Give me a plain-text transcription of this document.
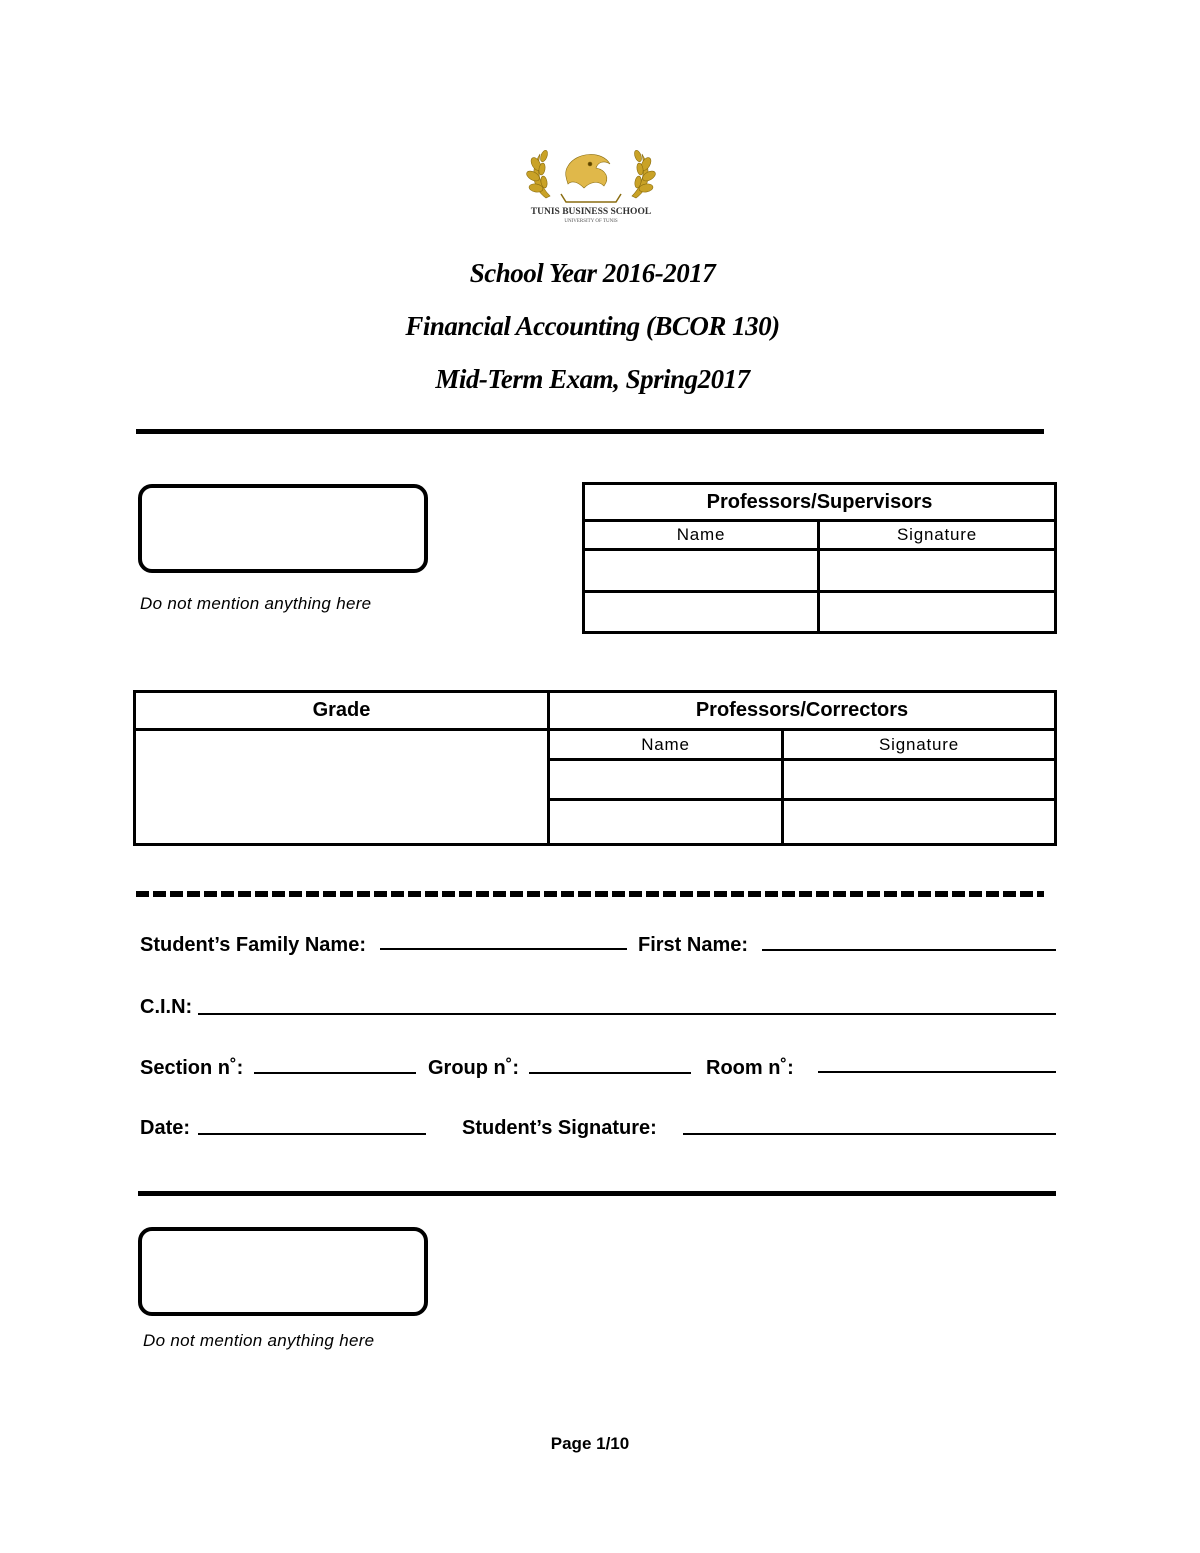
TUNIS BUSINESS SCHOOL
UNIVERSITY OF TUNIS
School Year 2016-2017
Financial Accounting (BCOR 130)
Mid-Term Exam, Spring2017
Do not mention anything here
Professors/Supervisors	
Name	Signature

Grade	Professors/Correctors	
	Name	Signature

Student’s Family Name:	First Name:
C.I.N:
Section n˚:	Group n˚:	Room n˚:
Date:	Student’s Signature:
Do not mention anything here
Page 1/10
